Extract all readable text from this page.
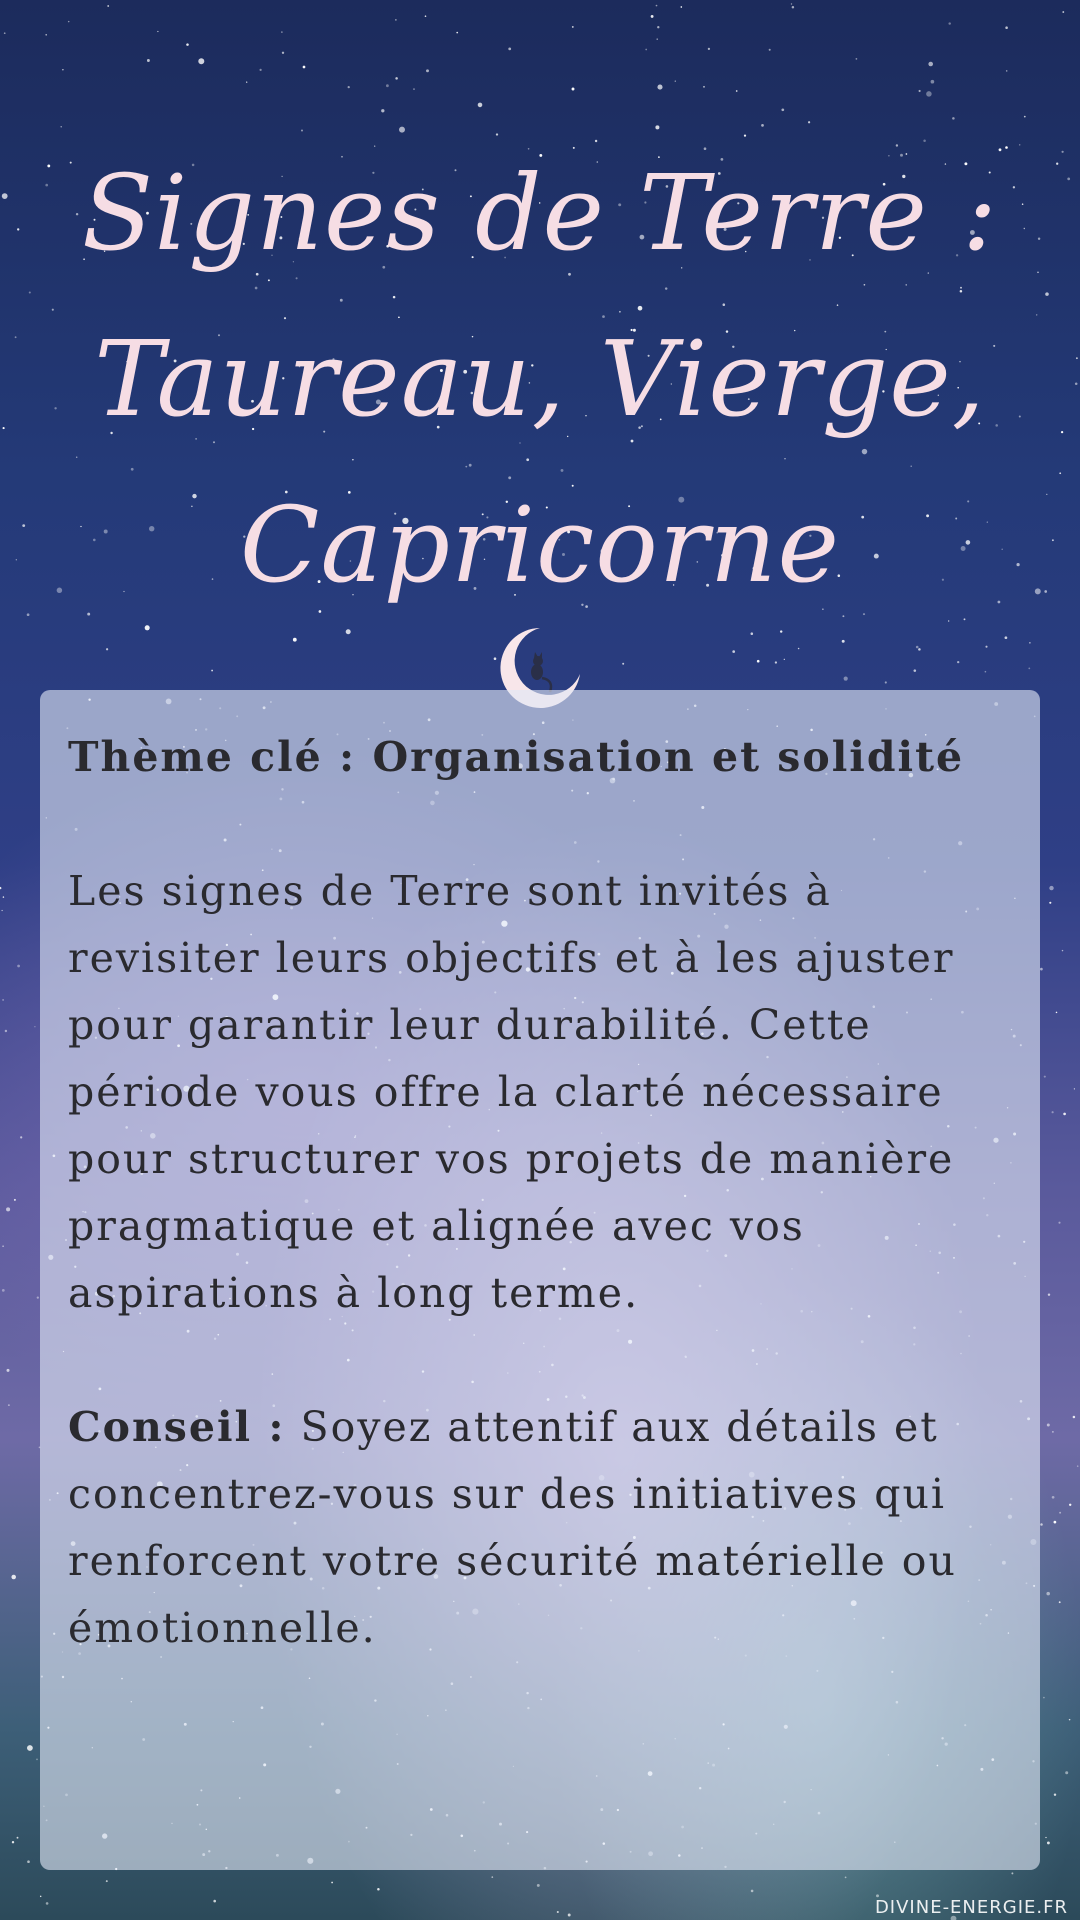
Signes de Terre :
Taureau, Vierge,
Capricorne

Thème clé : Organisation et solidité

Les signes de Terre sont invités à revisiter leurs objectifs et à les ajuster pour garantir leur durabilité. Cette période vous offre la clarté nécessaire pour structurer vos projets de manière pragmatique et alignée avec vos aspirations à long terme.

Conseil : Soyez attentif aux détails et concentrez-vous sur des initiatives qui renforcent votre sécurité matérielle ou émotionnelle.

DIVINE-ENERGIE.FR
